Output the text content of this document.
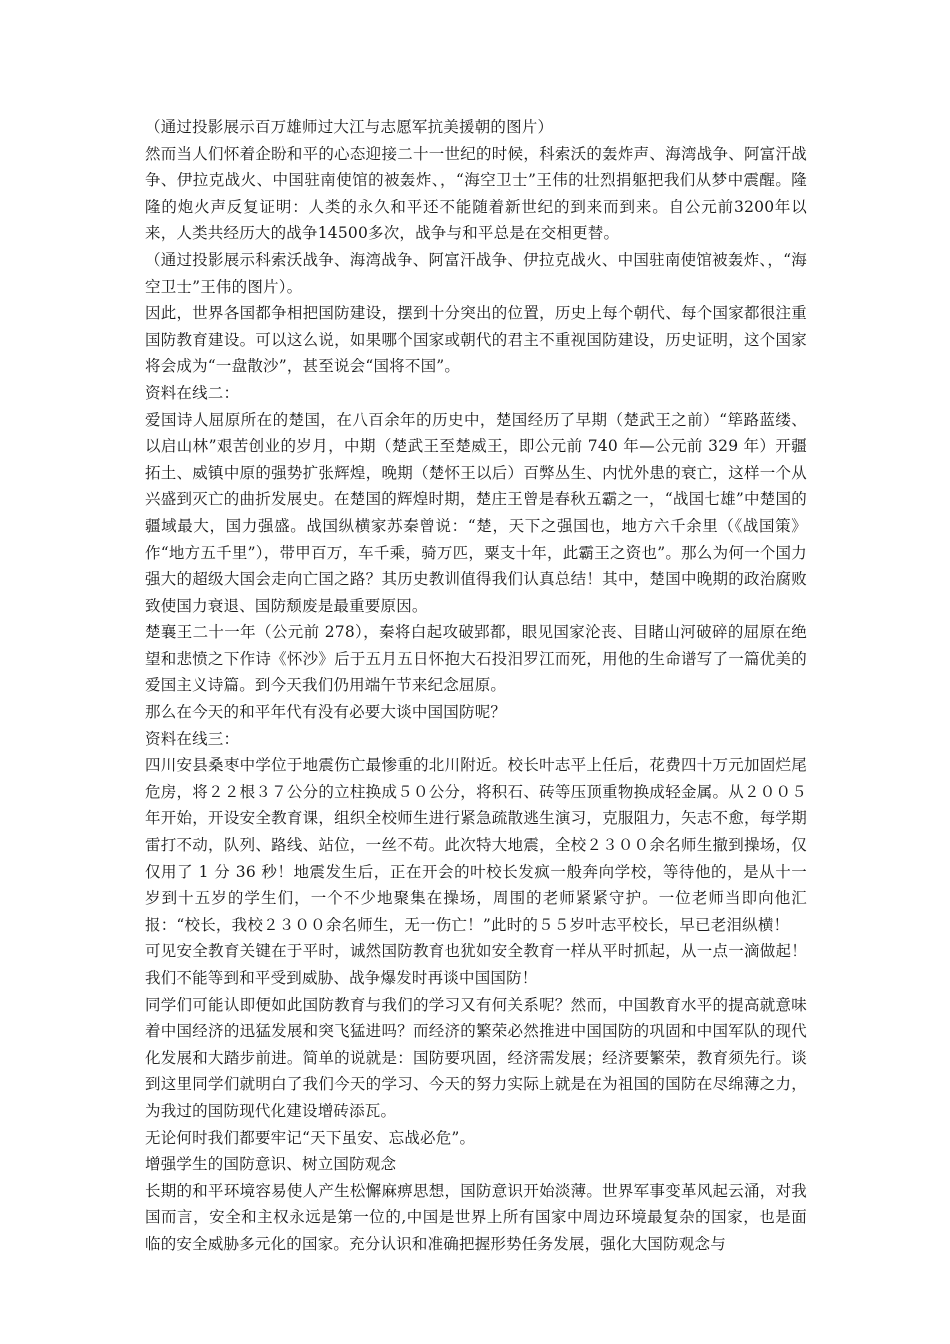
（通过投影展示百万雄师过大江与志愿军抗美援朝的图片）

然而当人们怀着企盼和平的心态迎接二十一世纪的时候，科索沃的轰炸声、海湾战争、阿富汗战争、伊拉克战火、中国驻南使馆的被轰炸、，“海空卫士”王伟的壮烈捐躯把我们从梦中震醒。隆隆的炮火声反复证明：人类的永久和平还不能随着新世纪的到来而到来。自公元前3200年以来，人类共经历大的战争14500多次，战争与和平总是在交相更替。

（通过投影展示科索沃战争、海湾战争、阿富汗战争、伊拉克战火、中国驻南使馆被轰炸、，“海空卫士”王伟的图片）。

因此，世界各国都争相把国防建设，摆到十分突出的位置，历史上每个朝代、每个国家都很注重国防教育建设。可以这么说，如果哪个国家或朝代的君主不重视国防建设，历史证明，这个国家将会成为“一盘散沙”，甚至说会“国将不国”。

资料在线二：

爱国诗人屈原所在的楚国，在八百余年的历史中，楚国经历了早期（楚武王之前）“筚路蓝缕、以启山林”艰苦创业的岁月，中期（楚武王至楚威王，即公元前 740 年—公元前 329 年）开疆拓土、威镇中原的强势扩张辉煌，晚期（楚怀王以后）百弊丛生、内忧外患的衰亡，这样一个从兴盛到灭亡的曲折发展史。在楚国的辉煌时期，楚庄王曾是春秋五霸之一，“战国七雄”中楚国的疆域最大，国力强盛。战国纵横家苏秦曾说：“楚，天下之强国也，地方六千余里（《战国策》作“地方五千里”），带甲百万，车千乘，骑万匹，粟支十年，此霸王之资也”。那么为何一个国力强大的超级大国会走向亡国之路？其历史教训值得我们认真总结！其中，楚国中晚期的政治腐败致使国力衰退、国防颓废是最重要原因。

楚襄王二十一年（公元前 278），秦将白起攻破郢都，眼见国家沦丧、目睹山河破碎的屈原在绝望和悲愤之下作诗《怀沙》后于五月五日怀抱大石投汨罗江而死，用他的生命谱写了一篇优美的爱国主义诗篇。到今天我们仍用端午节来纪念屈原。

那么在今天的和平年代有没有必要大谈中国国防呢？

资料在线三：

四川安县桑枣中学位于地震伤亡最惨重的北川附近。校长叶志平上任后，花费四十万元加固烂尾危房，将２２根３７公分的立柱换成５０公分，将积石、砖等压顶重物换成轻金属。从２００５年开始，开设安全教育课，组织全校师生进行紧急疏散逃生演习，克服阻力，矢志不愈，每学期雷打不动，队列、路线、站位，一丝不苟。此次特大地震，全校２３００余名师生撤到操场，仅仅用了 1 分 36 秒！地震发生后，正在开会的叶校长发疯一般奔向学校，等待他的，是从十一岁到十五岁的学生们，一个不少地聚集在操场，周围的老师紧紧守护。一位老师当即向他汇报：“校长，我校２３００余名师生，无一伤亡！”此时的５５岁叶志平校长，早已老泪纵横！

可见安全教育关键在于平时，诚然国防教育也犹如安全教育一样从平时抓起，从一点一滴做起！我们不能等到和平受到威胁、战争爆发时再谈中国国防！

同学们可能认即便如此国防教育与我们的学习又有何关系呢？然而，中国教育水平的提高就意味着中国经济的迅猛发展和突飞猛进吗？而经济的繁荣必然推进中国国防的巩固和中国军队的现代化发展和大踏步前进。简单的说就是：国防要巩固，经济需发展；经济要繁荣，教育须先行。谈到这里同学们就明白了我们今天的学习、今天的努力实际上就是在为祖国的国防在尽绵薄之力，为我过的国防现代化建设增砖添瓦。

无论何时我们都要牢记“天下虽安、忘战必危”。

增强学生的国防意识、树立国防观念

长期的和平环境容易使人产生松懈麻痹思想，国防意识开始淡薄。世界军事变革风起云涌，对我国而言，安全和主权永远是第一位的,中国是世界上所有国家中周边环境最复杂的国家，也是面临的安全威胁多元化的国家。充分认识和准确把握形势任务发展，强化大国防观念与
